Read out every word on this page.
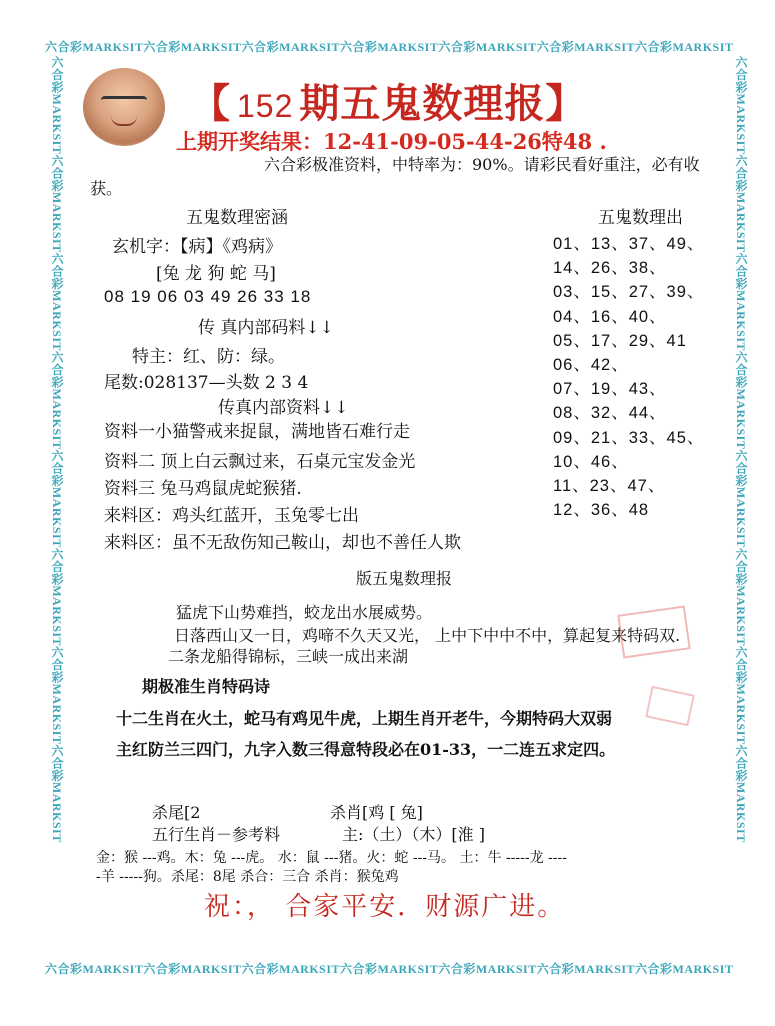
六合彩MARKSIT六合彩MARKSIT六合彩MARKSIT六合彩MARKSIT六合彩MARKSIT六合彩MARKSIT六合彩MARKSIT
六合彩MARKSIT六合彩MARKSIT六合彩MARKSIT六合彩MARKSIT六合彩MARKSIT六合彩MARKSIT六合彩MARKSIT
六合彩MARKSIT六合彩MARKSIT六合彩MARKSIT六合彩MARKSIT六合彩MARKSIT六合彩MARKSIT六合彩MARKSIT六合彩MARKSIT	六合彩MARKSIT六合彩MARKSIT六合彩MARKSIT六合彩MARKSIT六合彩MARKSIT六合彩MARKSIT六合彩MARKSIT六合彩MARKSIT
【 152 期五鬼数理报】
上期开奖结果：12-41-09-05-44-26特48 .
六合彩极准资料，中特率为：90%。请彩民看好重注，必有收
获。
五鬼数理密涵
玄机字：【病】《鸡病》
[兔 龙 狗 蛇 马]
08 19 06 03 49 26 33 18
传 真内部码料↓↓
特主：红、防：绿。
尾数:028137—头数 2 3 4
传真内部资料↓↓
资料一小猫警戒来捉鼠，满地皆石难行走
资料二 顶上白云飘过来，石桌元宝发金光
资料三 兔马鸡鼠虎蛇猴猪.
来料区：鸡头红蓝开，玉兔零七出
来料区：虽不无敌伤知己鞍山，却也不善任人欺
五鬼数理出
01、13、37、49、
14、26、38、
03、15、27、39、
04、16、40、
05、17、29、41
06、42、
07、19、43、
08、32、44、
09、21、33、45、
10、46、
11、23、47、
12、36、48
版五鬼数理报
猛虎下山势难挡，蛟龙出水展威势。
日落西山又一日，鸡啼不久天又光， 上中下中中不中，算起复来特码双.
二条龙船得锦标，三峡一成出来湖
期极准生肖特码诗
十二生肖在火土，蛇马有鸡见牛虎，上期生肖开老牛，今期特码大双弱
主红防兰三四门，九字入数三得意特段必在01-33，一二连五求定四。
杀尾[2	杀肖[鸡 [ 兔]
五行生肖－参考料	主:（土）（木）[淮 ]
金：猴 ---鸡。木：兔 ---虎。 水：鼠 ---猪。火：蛇 ---马。 土：牛 -----龙 ----
-羊 -----狗。杀尾：8尾 杀合：三合 杀肖：猴兔鸡
祝：， 合家平安．财源广进。
